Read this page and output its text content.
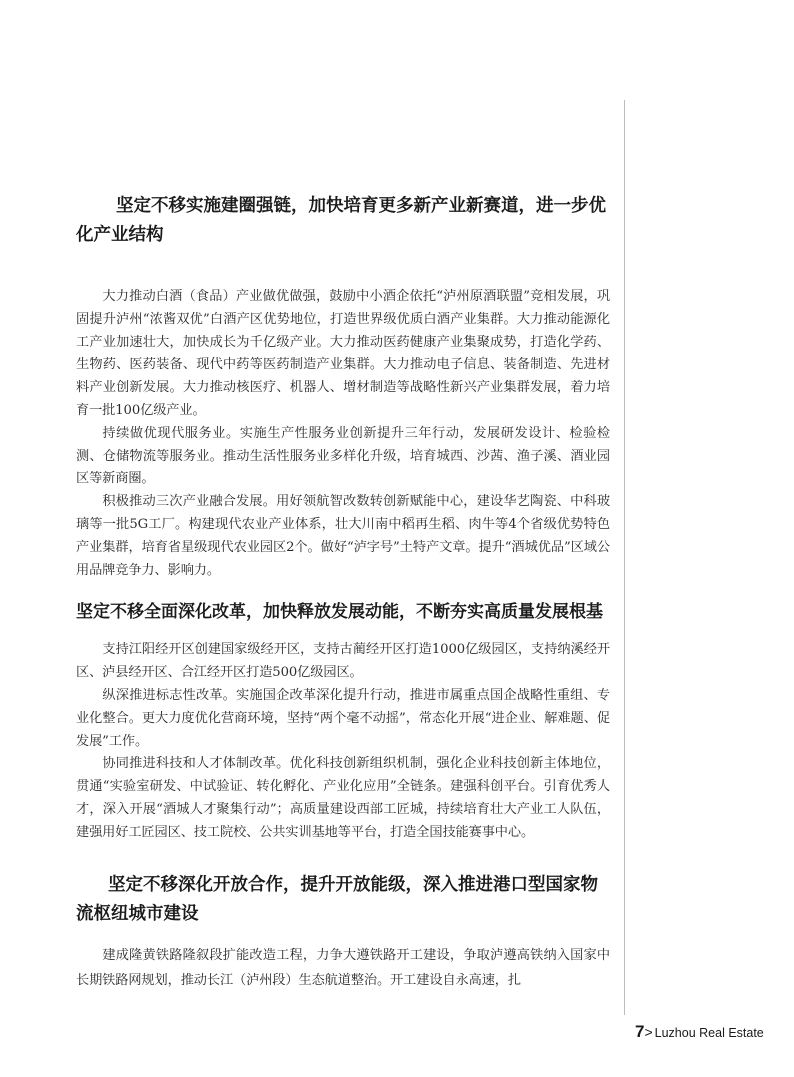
坚定不移实施建圈强链，加快培育更多新产业新赛道，进一步优化产业结构

大力推动白酒（食品）产业做优做强，鼓励中小酒企依托“泸州原酒联盟”竞相发展，巩固提升泸州“浓酱双优”白酒产区优势地位，打造世界级优质白酒产业集群。大力推动能源化工产业加速壮大，加快成长为千亿级产业。大力推动医药健康产业集聚成势，打造化学药、生物药、医药装备、现代中药等医药制造产业集群。大力推动电子信息、装备制造、先进材料产业创新发展。大力推动核医疗、机器人、增材制造等战略性新兴产业集群发展，着力培育一批100亿级产业。

持续做优现代服务业。实施生产性服务业创新提升三年行动，发展研发设计、检验检测、仓储物流等服务业。推动生活性服务业多样化升级，培育城西、沙茜、渔子溪、酒业园区等新商圈。

积极推动三次产业融合发展。用好领航智改数转创新赋能中心，建设华艺陶瓷、中科玻璃等一批5G工厂。构建现代农业产业体系，壮大川南中稻再生稻、肉牛等4个省级优势特色产业集群，培育省星级现代农业园区2个。做好“泸字号”土特产文章。提升“酒城优品”区域公用品牌竞争力、影响力。

坚定不移全面深化改革，加快释放发展动能，不断夯实高质量发展根基

支持江阳经开区创建国家级经开区，支持古蔺经开区打造1000亿级园区，支持纳溪经开区、泸县经开区、合江经开区打造500亿级园区。

纵深推进标志性改革。实施国企改革深化提升行动，推进市属重点国企战略性重组、专业化整合。更大力度优化营商环境，坚持“两个毫不动摇”，常态化开展“进企业、解难题、促发展”工作。

协同推进科技和人才体制改革。优化科技创新组织机制，强化企业科技创新主体地位，贯通“实验室研发、中试验证、转化孵化、产业化应用”全链条。建强科创平台。引育优秀人才，深入开展“酒城人才聚集行动”；高质量建设西部工匠城，持续培育壮大产业工人队伍，建强用好工匠园区、技工院校、公共实训基地等平台，打造全国技能赛事中心。

坚定不移深化开放合作，提升开放能级，深入推进港口型国家物流枢纽城市建设

建成隆黄铁路隆叙段扩能改造工程，力争大遵铁路开工建设，争取泸遵高铁纳入国家中长期铁路网规划，推动长江（泸州段）生态航道整治。开工建设自永高速，扎

7 > Luzhou Real Estate
